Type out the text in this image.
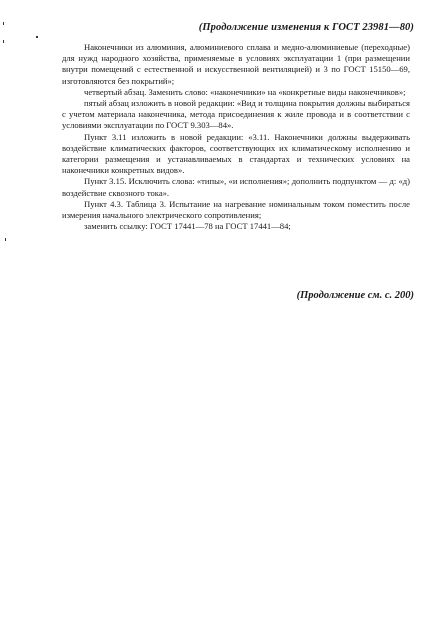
(Продолжение изменения к ГОСТ 23981—80)

Наконечники из алюминия, алюминиевого сплава и медно-алюминиевые (переходные) для нужд народного хозяйства, применяемые в условиях эксплуатации 1 (при размещении внутри помещений с естественной и искусственной вентиляцией) и 3 по ГОСТ 15150—69, изготовляются без покрытий»;

четвертый абзац. Заменить слово: «наконечники» на «конкретные виды наконечников»;

пятый абзац изложить в новой редакции: «Вид и толщина покрытия должны выбираться с учетом материала наконечника, метода присоединения к жиле провода и в соответствии с условиями эксплуатации по ГОСТ 9.303—84».

Пункт 3.11 изложить в новой редакции: «3.11. Наконечники должны выдерживать воздействие климатических факторов, соответствующих их климатическому исполнению и категории размещения и устанавливаемых в стандартах и технических условиях на наконечники конкретных видов».

Пункт 3.15. Исключить слова: «типы», «и исполнения»; дополнить подпунктом — д: «д) воздействие сквозного тока».

Пункт 4.3. Таблица 3. Испытание на нагревание номинальным током поместить после измерения начального электрического сопротивления;

заменить ссылку: ГОСТ 17441—78 на ГОСТ 17441—84;

(Продолжение см. с. 200)
